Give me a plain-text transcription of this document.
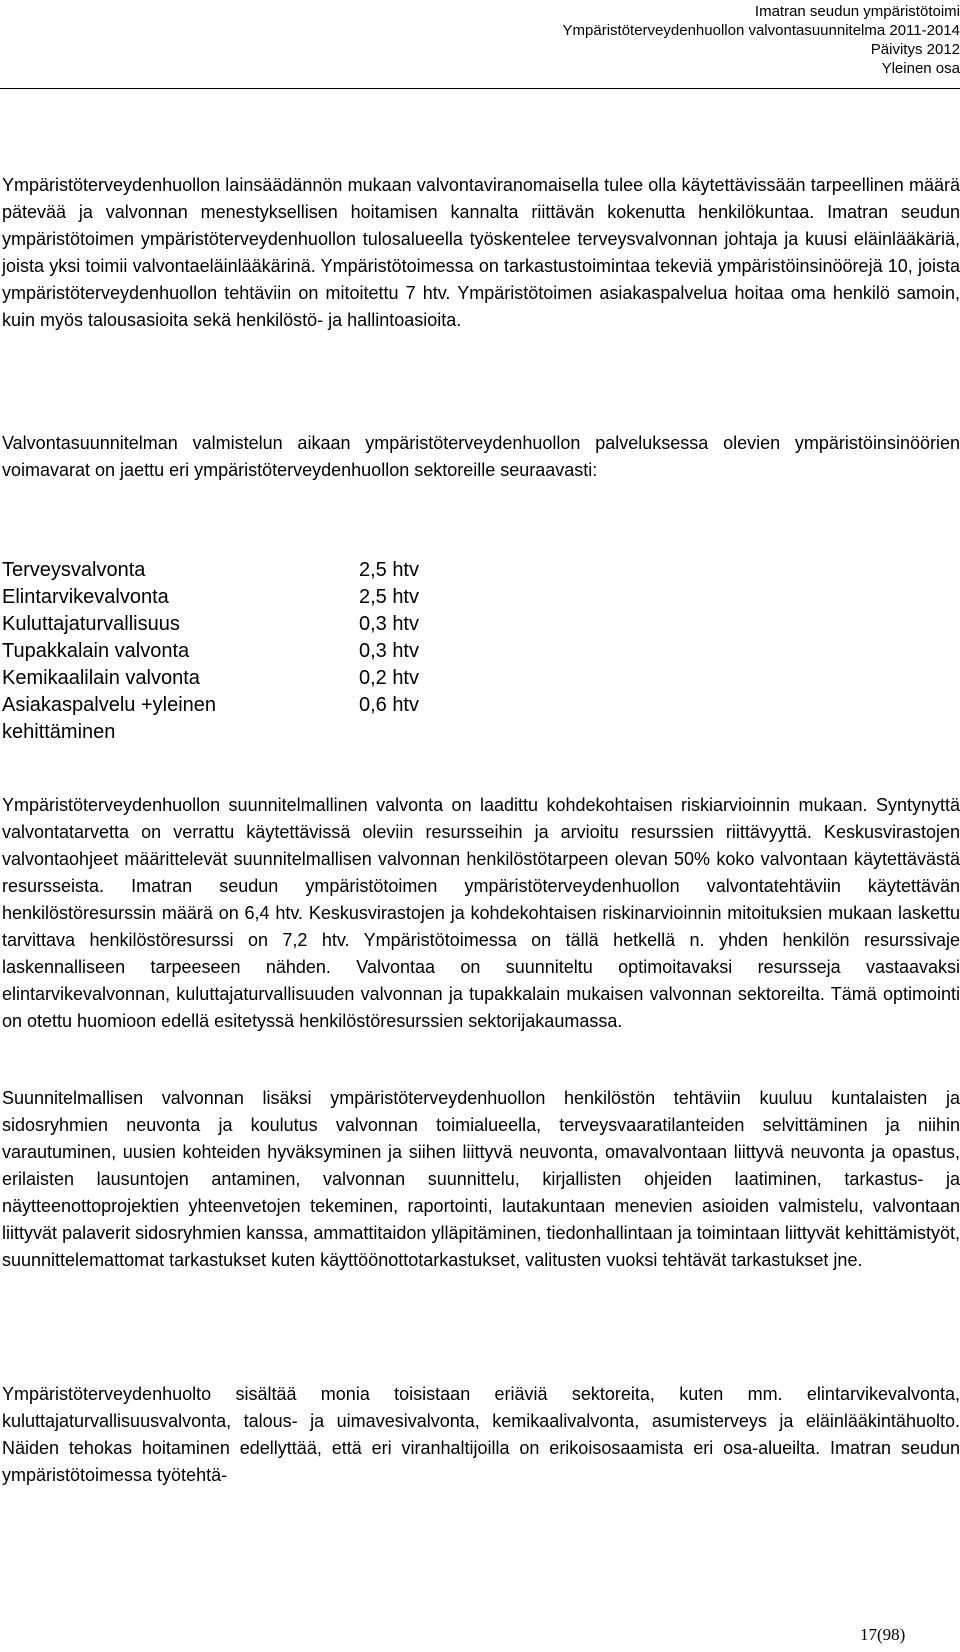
Imatran seudun ympäristötoimi
Ympäristöterveydenhuollon valvontasuunnitelma 2011-2014
Päivitys 2012
Yleinen osa

Ympäristöterveydenhuollon lainsäädännön mukaan valvontaviranomaisella tulee olla käytettävissään tarpeellinen määrä pätevää ja valvonnan menestyksellisen hoitamisen kannalta riittävän kokenutta henkilökuntaa. Imatran seudun ympäristötoimen ympäristöterveydenhuollon tulosalueella työskentelee terveysvalvonnan johtaja ja kuusi eläinlääkäriä, joista yksi toimii valvontaeläinlääkärinä. Ympäristötoimessa on tarkastustoimintaa tekeviä ympäristöinsinöörejä 10, joista ympäristöterveydenhuollon tehtäviin on mitoitettu 7 htv. Ympäristötoimen asiakaspalvelua hoitaa oma henkilö samoin, kuin myös talousasioita sekä henkilöstö- ja hallintoasioita.

Valvontasuunnitelman valmistelun aikaan ympäristöterveydenhuollon palveluksessa olevien ympäristöinsinöörien voimavarat on jaettu eri ympäristöterveydenhuollon sektoreille seuraavasti:

Terveysvalvonta	2,5 htv
Elintarvikevalvonta	2,5 htv
Kuluttajaturvallisuus	0,3 htv
Tupakkalain valvonta	0,3 htv
Kemikaalilain valvonta	0,2 htv
Asiakaspalvelu +yleinen kehittäminen
0,6 htv

Ympäristöterveydenhuollon suunnitelmallinen valvonta on laadittu kohdekohtaisen riskiarvioinnin mukaan. Syntynyttä valvontatarvetta on verrattu käytettävissä oleviin resursseihin ja arvioitu resurssien riittävyyttä. Keskusvirastojen valvontaohjeet määrittelevät suunnitelmallisen valvonnan henkilöstötarpeen olevan 50% koko valvontaan käytettävästä resursseista. Imatran seudun ympäristötoimen ympäristöterveydenhuollon valvontatehtäviin käytettävän henkilöstöresurssin määrä on 6,4 htv. Keskusvirastojen ja kohdekohtaisen riskinarvioinnin mitoituksien mukaan laskettu tarvittava henkilöstöresurssi on 7,2 htv. Ympäristötoimessa on tällä hetkellä n. yhden henkilön resurssivaje laskennalliseen tarpeeseen nähden. Valvontaa on suunniteltu optimoitavaksi resursseja vastaavaksi elintarvikevalvonnan, kuluttajaturvallisuuden valvonnan ja tupakkalain mukaisen valvonnan sektoreilta. Tämä optimointi on otettu huomioon edellä esitetyssä henkilöstöresurssien sektorijakaumassa.

Suunnitelmallisen valvonnan lisäksi ympäristöterveydenhuollon henkilöstön tehtäviin kuuluu kuntalaisten ja sidosryhmien neuvonta ja koulutus valvonnan toimialueella, terveysvaaratilanteiden selvittäminen ja niihin varautuminen, uusien kohteiden hyväksyminen ja siihen liittyvä neuvonta, omavalvontaan liittyvä neuvonta ja opastus, erilaisten lausuntojen antaminen, valvonnan suunnittelu, kirjallisten ohjeiden laatiminen, tarkastus- ja näytteenottoprojektien yhteenvetojen tekeminen, raportointi, lautakuntaan menevien asioiden valmistelu, valvontaan liittyvät palaverit sidosryhmien kanssa, ammattitaidon ylläpitäminen, tiedonhallintaan ja toimintaan liittyvät kehittämistyöt, suunnittelemattomat tarkastukset kuten käyttöönottotarkastukset, valitusten vuoksi tehtävät tarkastukset jne.

Ympäristöterveydenhuolto sisältää monia toisistaan eriäviä sektoreita, kuten mm. elintarvikevalvonta, kuluttajaturvallisuusvalvonta, talous- ja uimavesivalvonta, kemikaalivalvonta, asumisterveys ja eläinlääkintähuolto. Näiden tehokas hoitaminen edellyttää, että eri viranhaltijoilla on erikoisosaamista eri osa-alueilta. Imatran seudun ympäristötoimessa työtehtä-

17(98)
